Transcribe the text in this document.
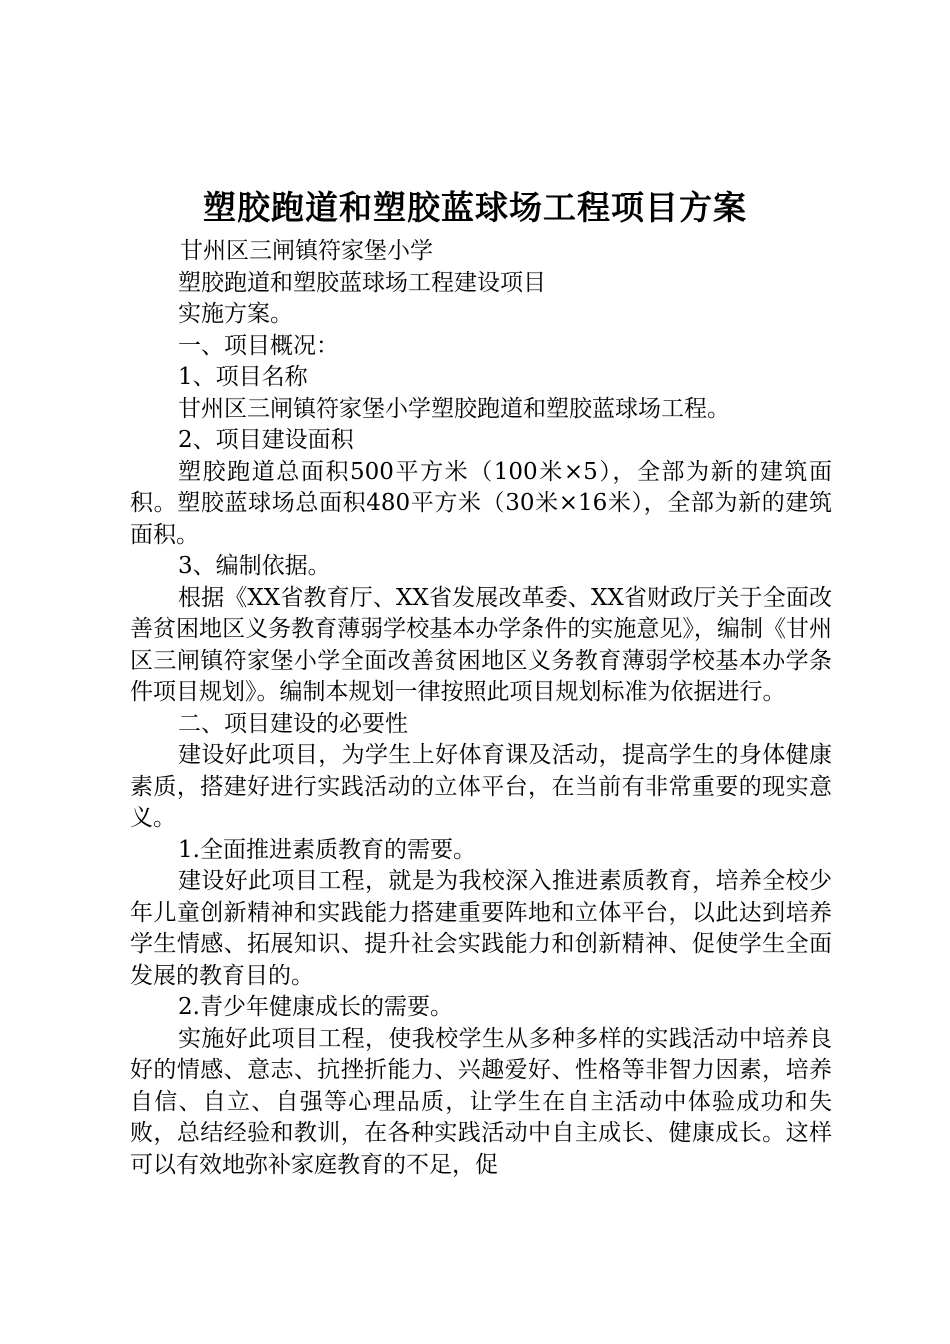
塑胶跑道和塑胶蓝球场工程项目方案

甘州区三闸镇符家堡小学

塑胶跑道和塑胶蓝球场工程建设项目

实施方案。

一、项目概况：

1、项目名称

甘州区三闸镇符家堡小学塑胶跑道和塑胶蓝球场工程。

2、项目建设面积

塑胶跑道总面积500平方米（100米×5），全部为新的建筑面积。塑胶蓝球场总面积480平方米（30米×16米），全部为新的建筑面积。

3、编制依据。

根据《XX省教育厅、XX省发展改革委、XX省财政厅关于全面改善贫困地区义务教育薄弱学校基本办学条件的实施意见》，编制《甘州区三闸镇符家堡小学全面改善贫困地区义务教育薄弱学校基本办学条件项目规划》。编制本规划一律按照此项目规划标准为依据进行。

二、项目建设的必要性

建设好此项目，为学生上好体育课及活动，提高学生的身体健康素质，搭建好进行实践活动的立体平台，在当前有非常重要的现实意义。

1.全面推进素质教育的需要。

建设好此项目工程，就是为我校深入推进素质教育，培养全校少年儿童创新精神和实践能力搭建重要阵地和立体平台，以此达到培养学生情感、拓展知识、提升社会实践能力和创新精神、促使学生全面发展的教育目的。

2.青少年健康成长的需要。

实施好此项目工程，使我校学生从多种多样的实践活动中培养良好的情感、意志、抗挫折能力、兴趣爱好、性格等非智力因素，培养自信、自立、自强等心理品质，让学生在自主活动中体验成功和失败，总结经验和教训，在各种实践活动中自主成长、健康成长。这样可以有效地弥补家庭教育的不足，促
